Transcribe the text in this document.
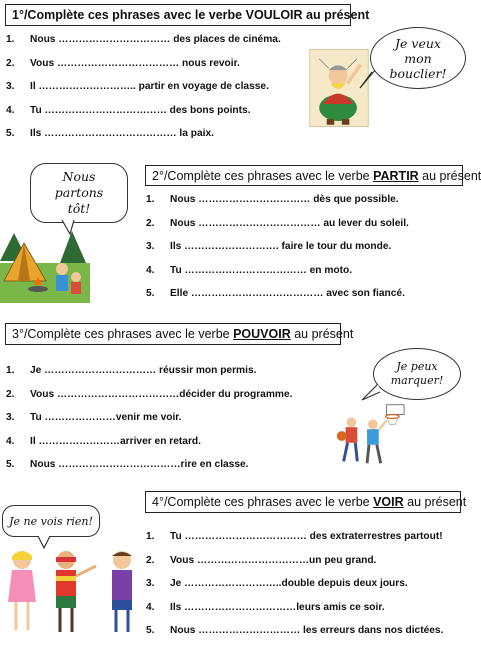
1°/Complète ces phrases avec le verbe VOULOIR au présent
1. Nous …………………………… des places de cinéma.
2. Vous ……………………………… nous revoir.
3. Il ……………………….. partir en voyage de classe.
4. Tu ……………………………… des bons points.
5. Ils ………………………………… la paix.
Je veux mon bouclier!
Nous partons tôt!
2°/Complète ces phrases avec le verbe PARTIR au présent
1. Nous …………………………… dès que possible.
2. Nous ……………………………… au lever du soleil.
3. Ils ………………………. faire le tour du monde.
4. Tu ……………………………… en moto.
5. Elle ………………………………… avec son fiancé.
3°/Complète ces phrases avec le verbe POUVOIR au présent
1. Je …………………………… réussir mon permis.
2. Vous ………………………………décider du programme.
3. Tu …………………venir me voir.
4. Il ……………………arriver en retard.
5. Nous ………………………………rire en classe.
Je peux marquer!
Je ne vois rien!
4°/Complète ces phrases avec le verbe VOIR au présent
1. Tu ……………………………… des extraterrestres partout!
2. Vous ……………………………un peu grand.
3. Je ………………………..double depuis deux jours.
4. Ils ……………………………leurs amis ce soir.
5. Nous ………………………… les erreurs dans nos dictées.
